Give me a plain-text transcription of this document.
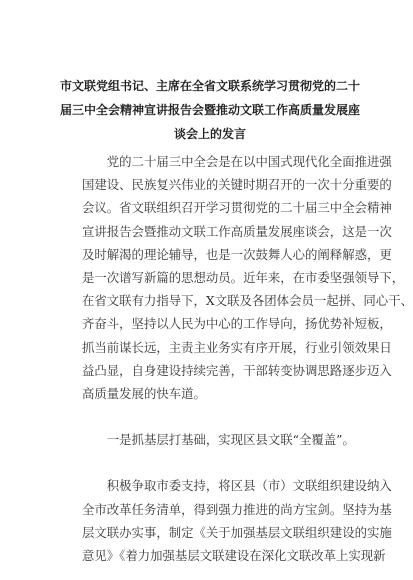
市文联党组书记、主席在全省文联系统学习贯彻党的二十
届三中全会精神宣讲报告会暨推动文联工作高质量发展座
谈会上的发言
　　党的二十届三中全会是在以中国式现代化全面推进强
国建设、民族复兴伟业的关键时期召开的一次十分重要的
会议。省文联组织召开学习贯彻党的二十届三中全会精神
宣讲报告会暨推动文联工作高质量发展座谈会，这是一次
及时解渴的理论辅导，也是一次鼓舞人心的阐释解惑，更
是一次谱写新篇的思想动员。近年来，在市委坚强领导下，
在省文联有力指导下，X文联及各团体会员一起拼、同心干、
齐奋斗，坚持以人民为中心的工作导向，扬优势补短板，
抓当前谋长远，主责主业务实有序开展，行业引领效果日
益凸显，自身建设持续完善，干部转变协调思路逐步迈入
高质量发展的快车道。
　　一是抓基层打基础，实现区县文联“全覆盖”。
　　积极争取市委支持，将区县（市）文联组织建设纳入
全市改革任务清单，得到强力推进的尚方宝剑。坚持为基
层文联办实事，制定《关于加强基层文联组织建设的实施
意见》《着力加强基层文联建设在深化文联改革上实现新
